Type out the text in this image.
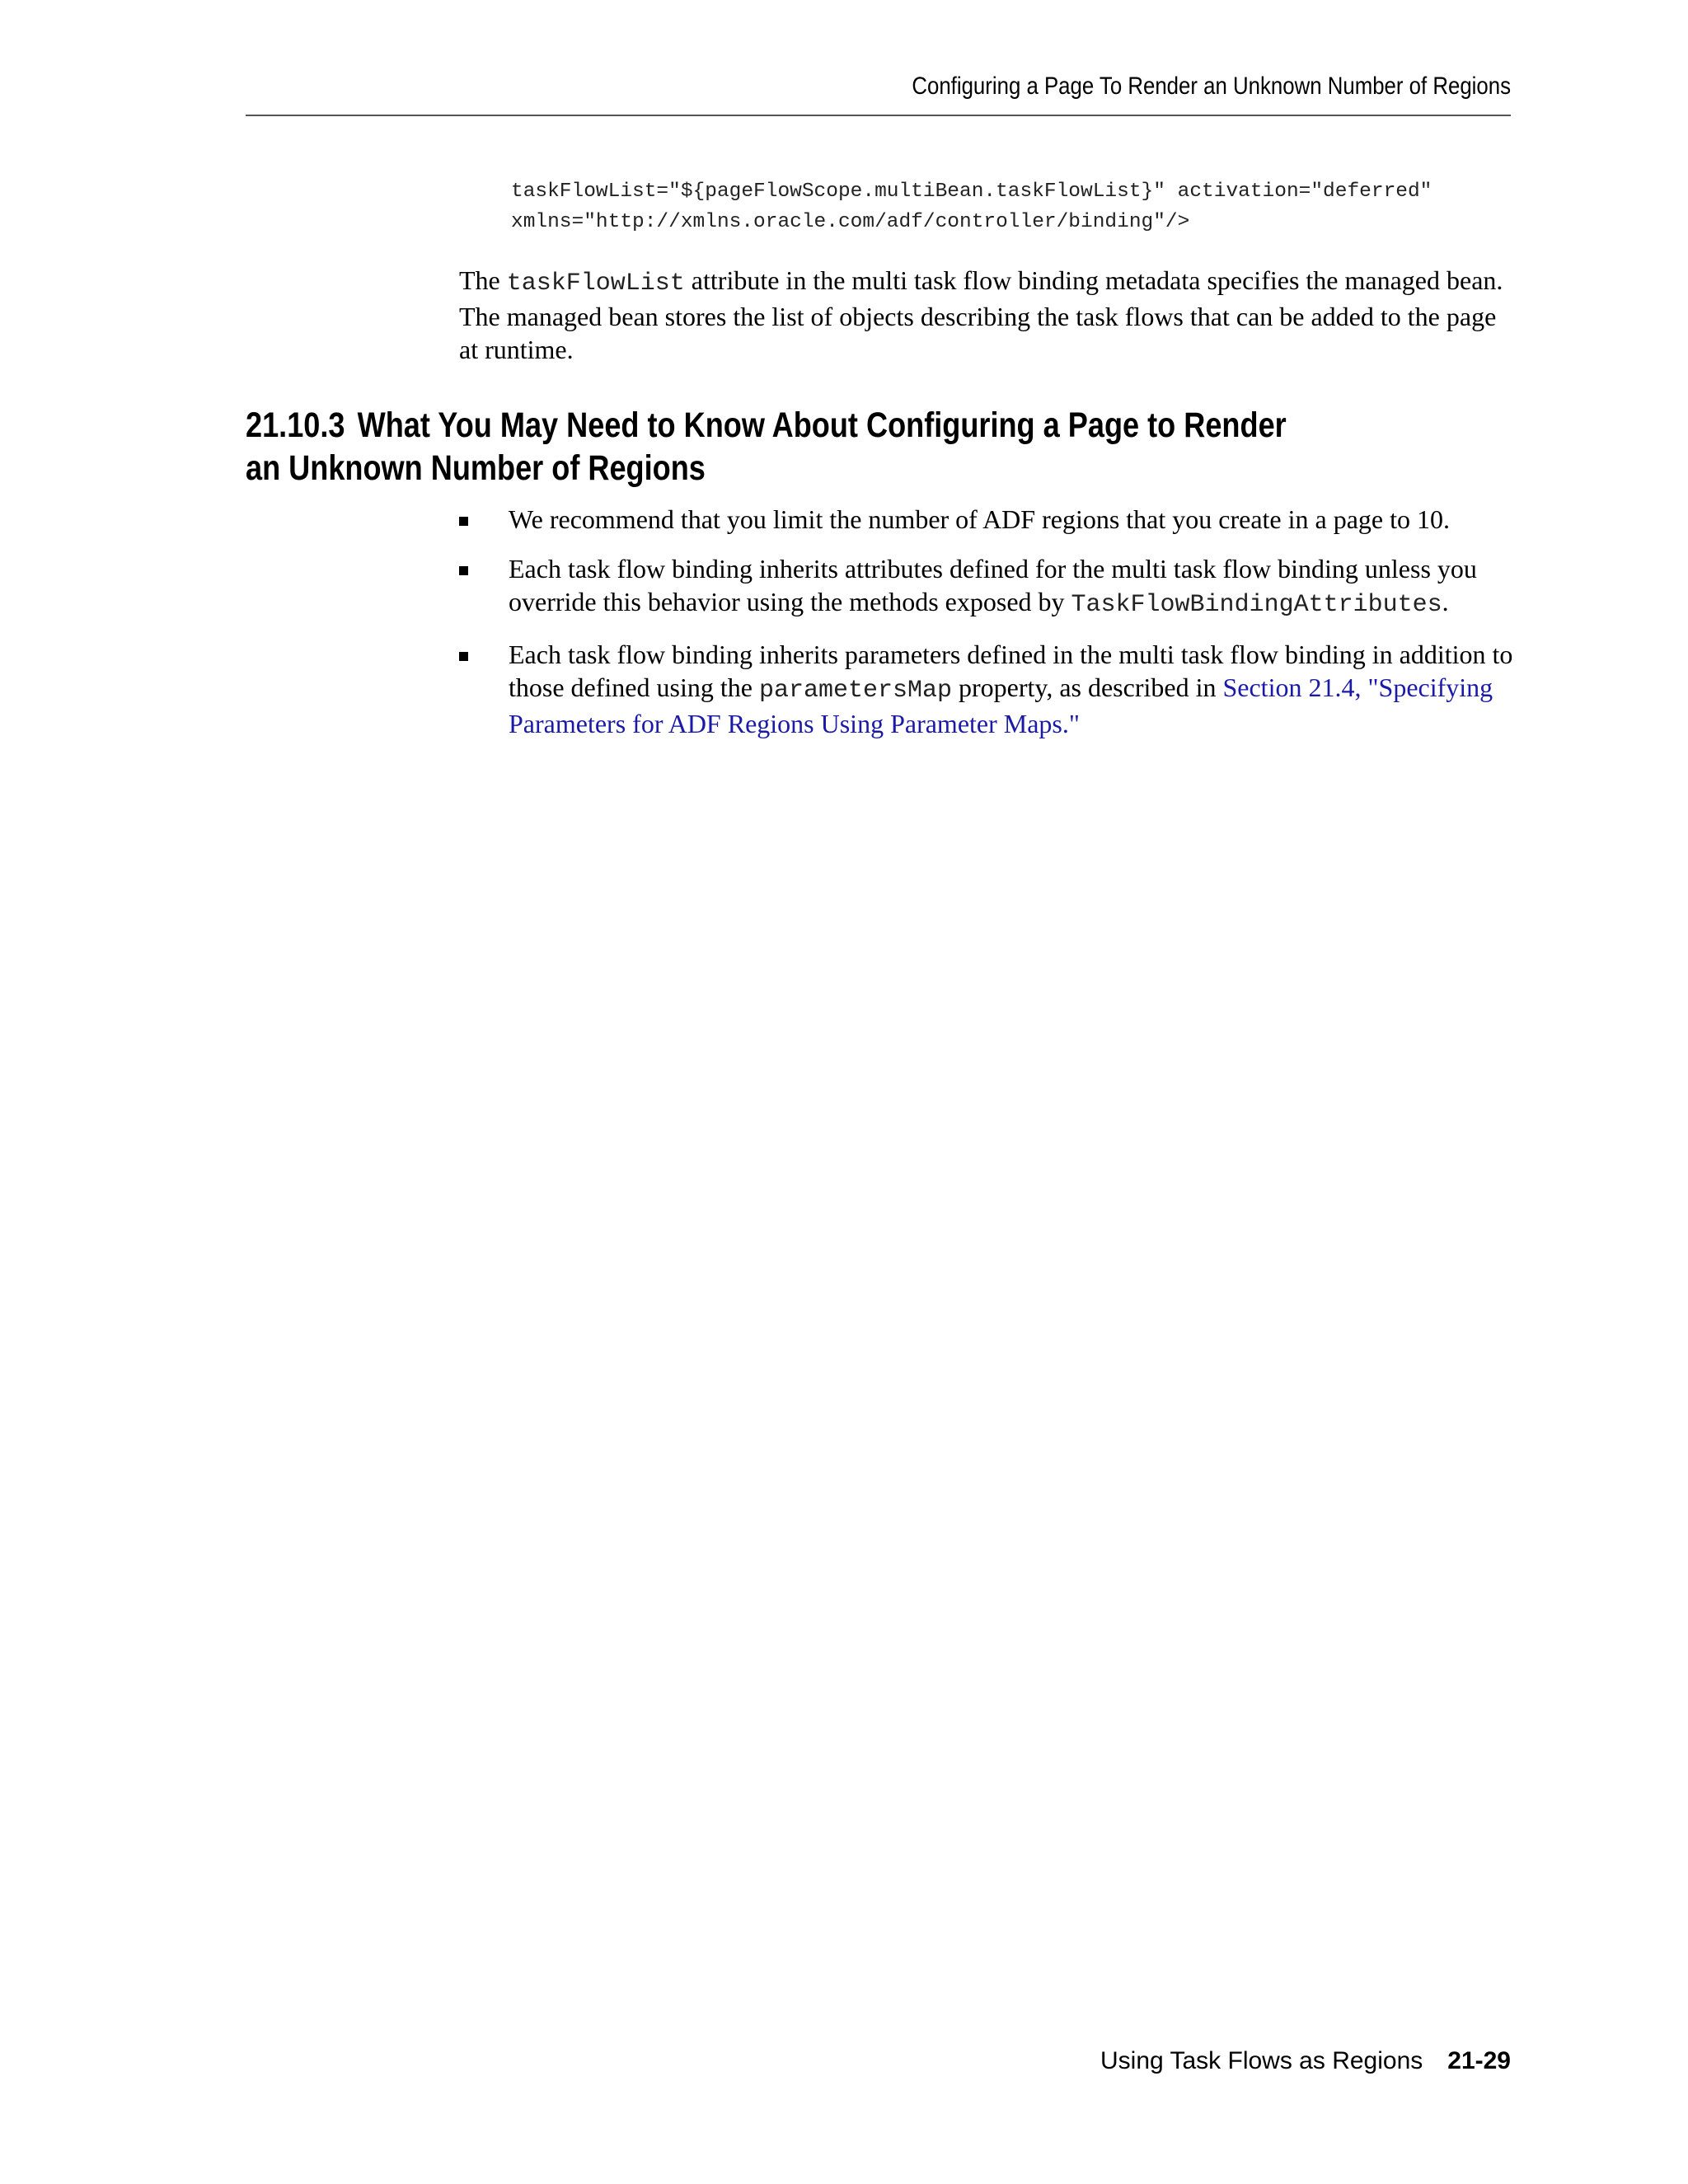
Configuring a Page To Render an Unknown Number of Regions
taskFlowList="${pageFlowScope.multiBean.taskFlowList}" activation="deferred"
xmlns="http://xmlns.oracle.com/adf/controller/binding"/>

The taskFlowList attribute in the multi task flow binding metadata specifies the managed bean. The managed bean stores the list of objects describing the task flows that can be added to the page at runtime.

21.10.3 What You May Need to Know About Configuring a Page to Render an Unknown Number of Regions
We recommend that you limit the number of ADF regions that you create in a page to 10.
Each task flow binding inherits attributes defined for the multi task flow binding unless you override this behavior using the methods exposed by TaskFlowBindingAttributes.
Each task flow binding inherits parameters defined in the multi task flow binding in addition to those defined using the parametersMap property, as described in Section 21.4, "Specifying Parameters for ADF Regions Using Parameter Maps."
Using Task Flows as Regions 21-29
